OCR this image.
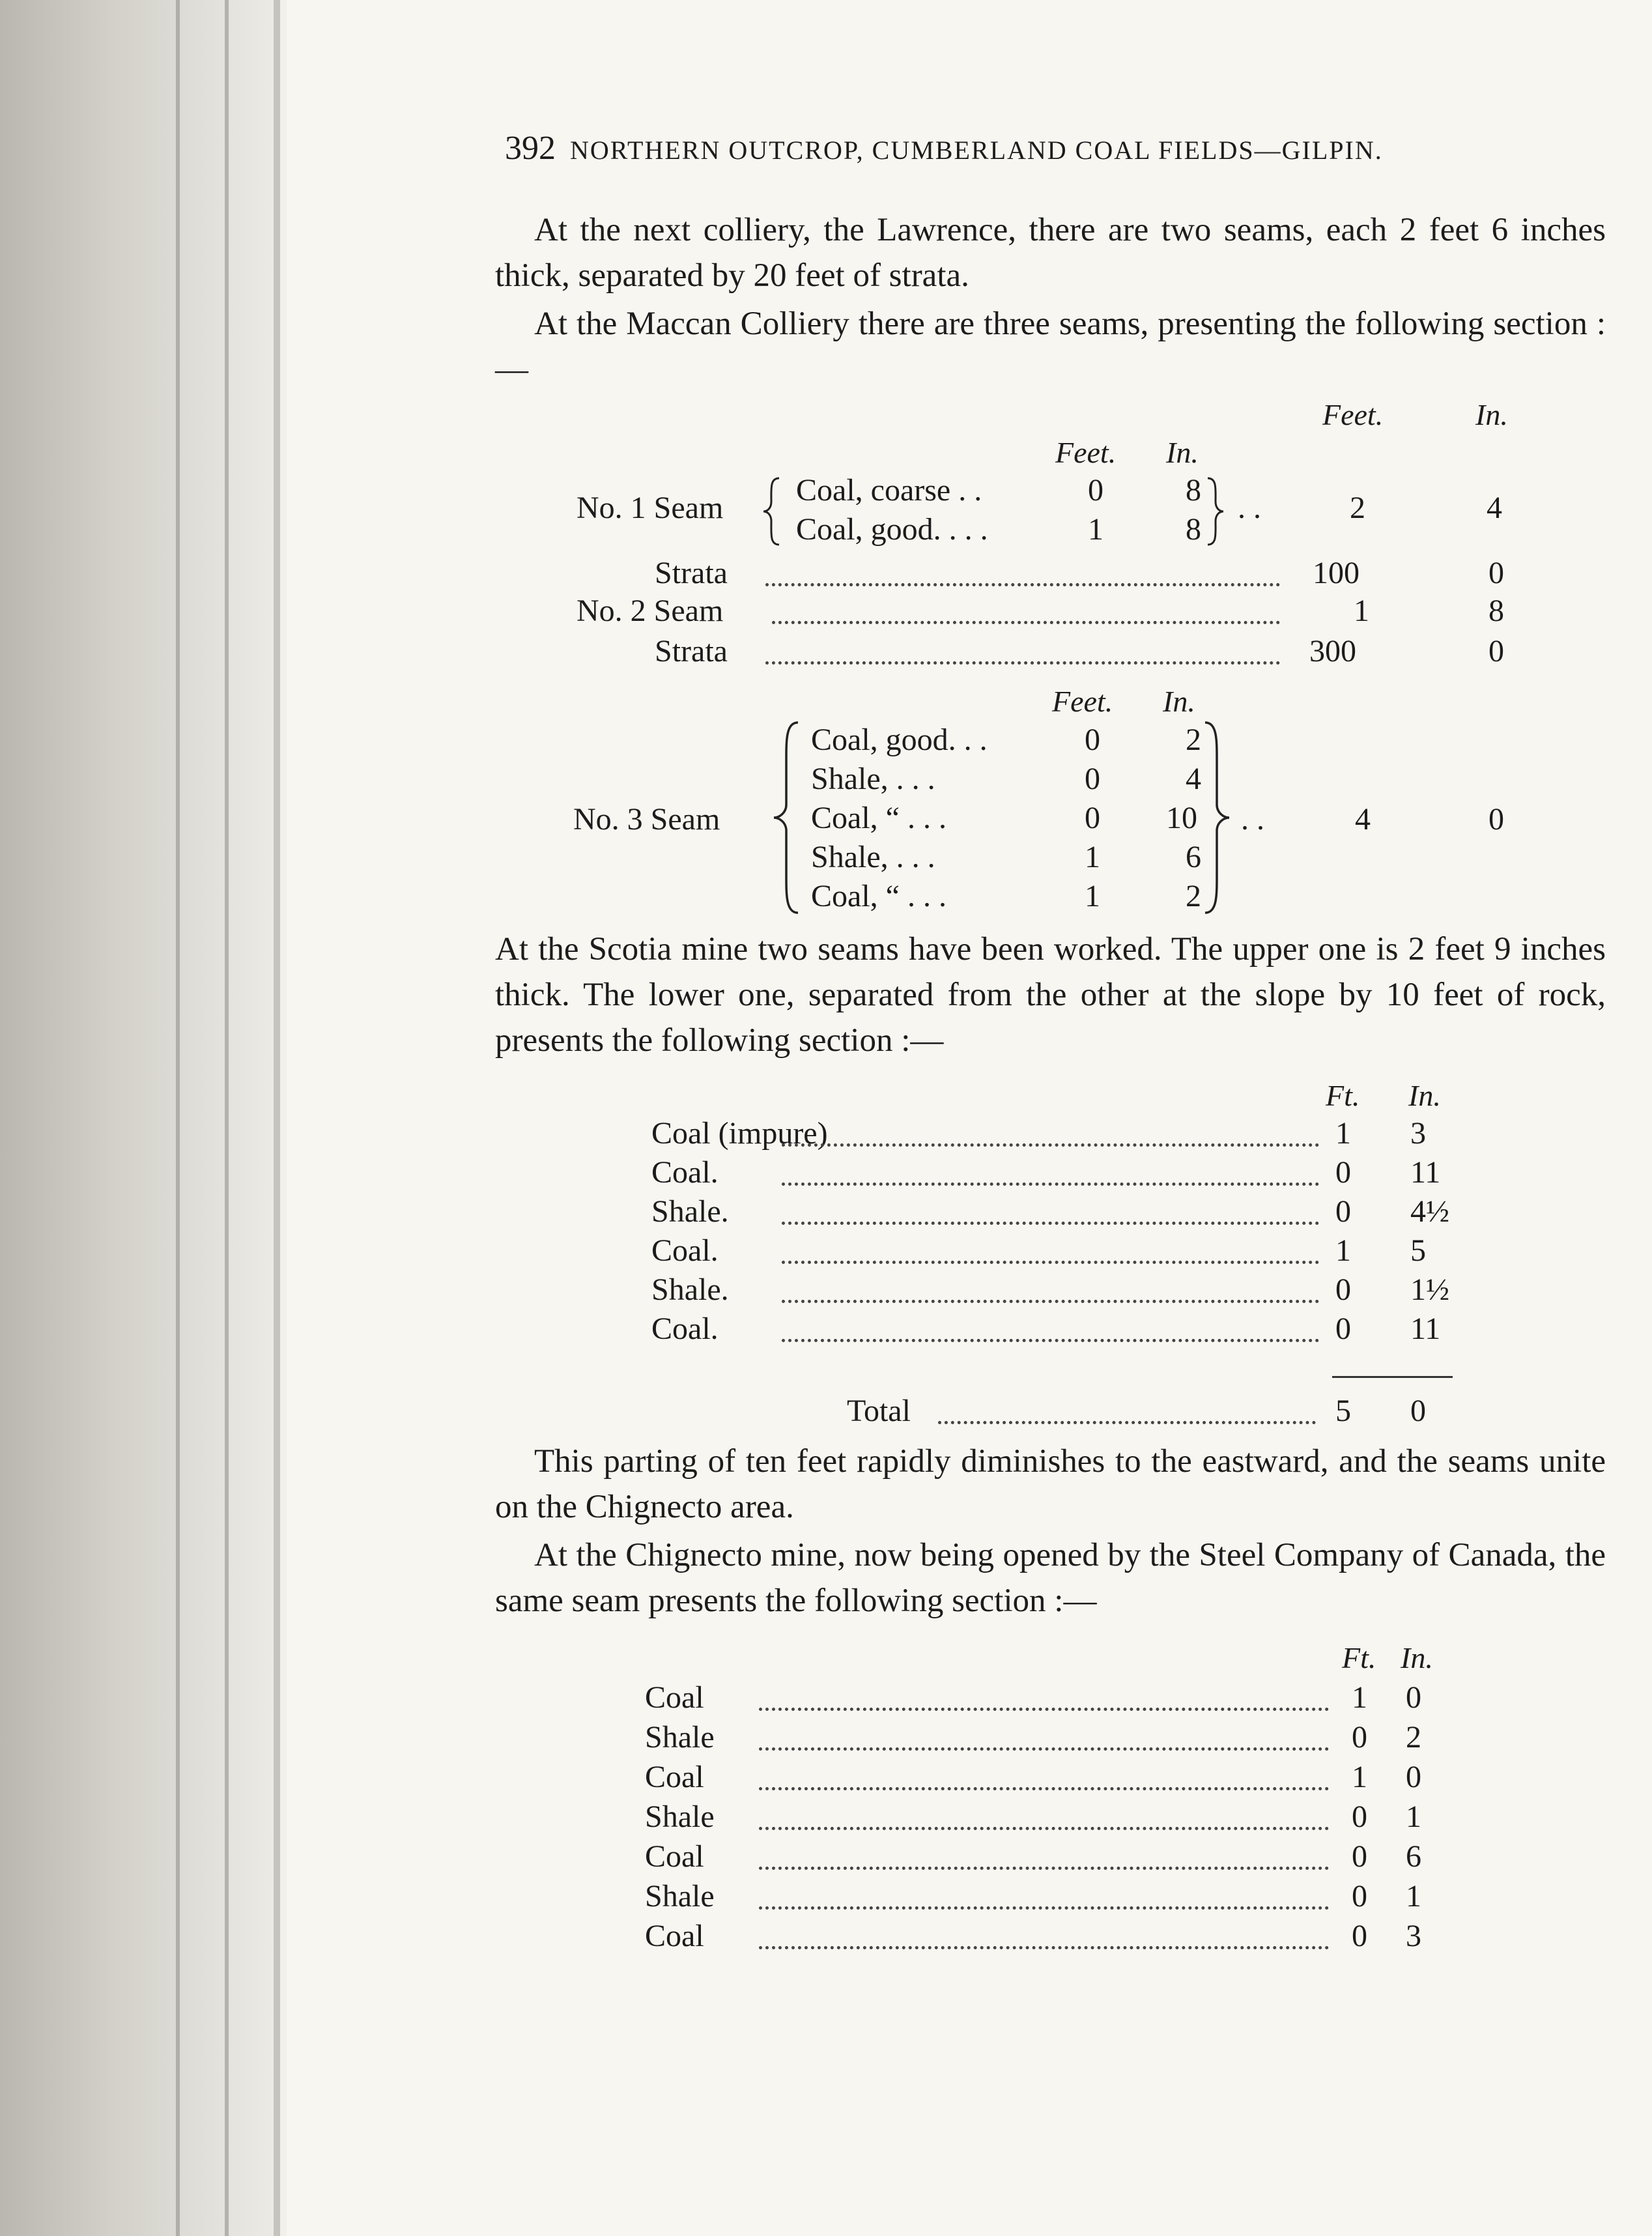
392 NORTHERN OUTCROP, CUMBERLAND COAL FIELDS—GILPIN.

At the next colliery, the Lawrence, there are two seams, each 2 feet 6 inches thick, separated by 20 feet of strata.

At the Maccan Colliery there are three seams, presenting the following section :—

Feet.	In.
Feet. In.
No. 1 Seam
Coal, coarse . .	0	8
Coal, good. . . .	1	8
. .	2	4
Strata	100	0
No. 2 Seam	1	8
Strata	300	0
Feet. In.
No. 3 Seam
Coal, good. . .	0	2
Shale, . . .	0	4
Coal, “ . . .	0 10
Shale, . . .	1	6
Coal, “ . . .	1	2
. .	4	0

At the Scotia mine two seams have been worked. The upper one is 2 feet 9 inches thick. The lower one, separated from the other at the slope by 10 feet of rock, presents the following section :—

Ft. In.
Coal (impure)	1 3
Coal.	0 11
Shale.	0 4½
Coal.	1 5
Shale.	0 1½
Coal.	0 11
Total	5 0

This parting of ten feet rapidly diminishes to the eastward, and the seams unite on the Chignecto area.

At the Chignecto mine, now being opened by the Steel Company of Canada, the same seam presents the following section :—

Ft. In.
Coal	1 0
Shale	0 2
Coal	1 0
Shale	0 1
Coal	0 6
Shale	0 1
Coal	0 3
